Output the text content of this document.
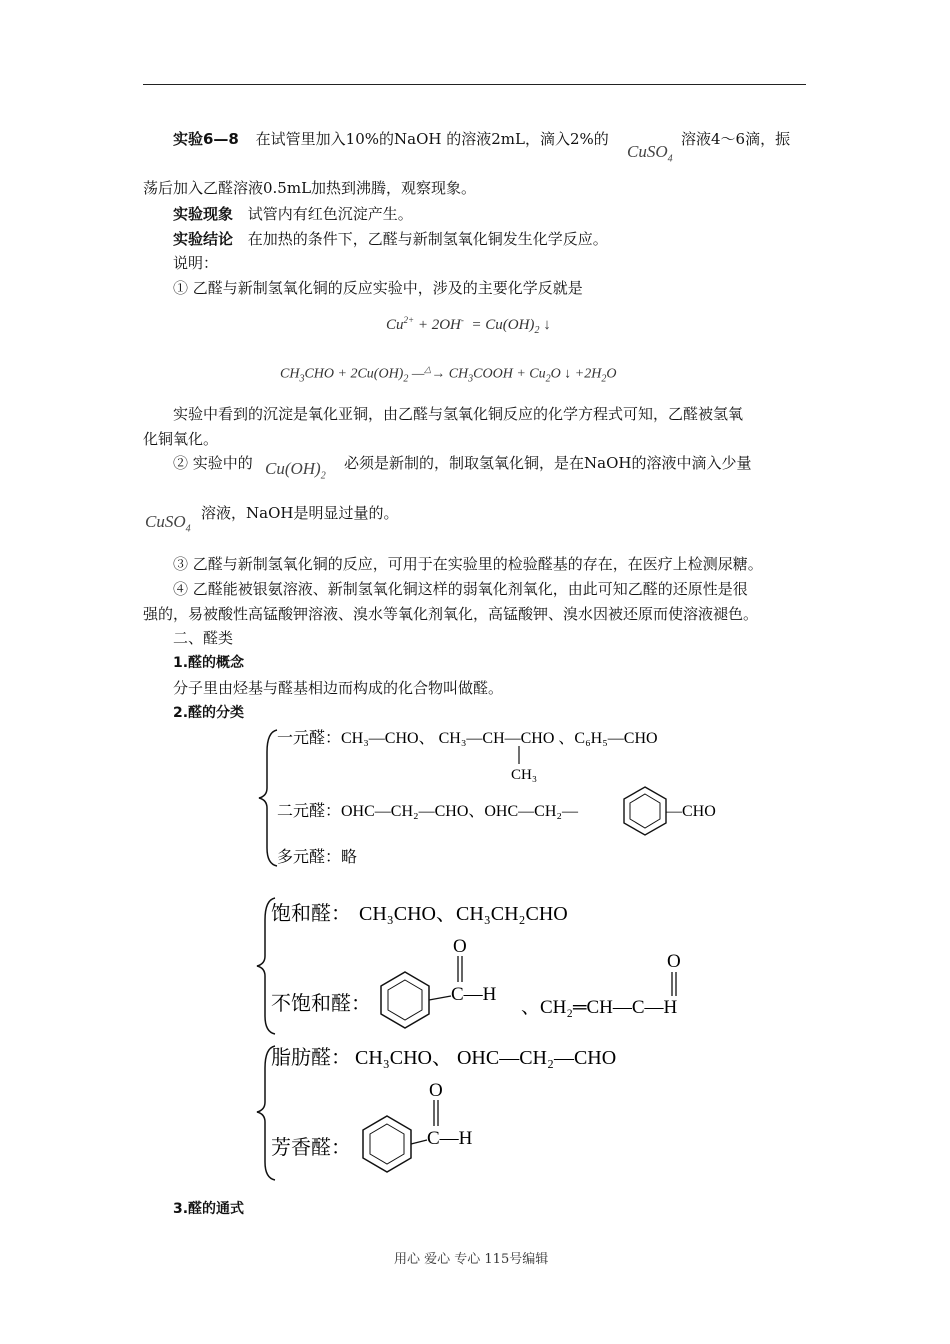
实验6—8 在试管里加入10%的NaOH 的溶液2mL，滴入2%的
CuSO$_4$
溶液4～6滴，振
荡后加入乙醛溶液0.5mL加热到沸腾，观察现象。
实验现象 试管内有红色沉淀产生。
实验结论 在加热的条件下，乙醛与新制氢氧化铜发生化学反应。
说明：
① 乙醛与新制氢氧化铜的反应实验中，涉及的主要化学反就是
$Cu^{2+} + 2OH^- = Cu(OH)_2$ ↓
$CH_3CHO + 2Cu(OH)_2$ —△→ $CH_3COOH + Cu_2O$ ↓ $+2H_2O$
实验中看到的沉淀是氧化亚铜，由乙醛与氢氧化铜反应的化学方程式可知，乙醛被氢氧
化铜氧化。
② 实验中的 $Cu(OH)_2$
必须是新制的，制取氢氧化铜，是在NaOH的溶液中滴入少量
CuSO$_4$
溶液，NaOH是明显过量的。
③ 乙醛与新制氢氧化铜的反应，可用于在实验里的检验醛基的存在，在医疗上检测尿糖。
④ 乙醛能被银氨溶液、新制氢氧化铜这样的弱氧化剂氧化，由此可知乙醛的还原性是很
强的，易被酸性高锰酸钾溶液、溴水等氧化剂氧化，高锰酸钾、溴水因被还原而使溶液褪色。
二、醛类
1.醛的概念
分子里由烃基与醛基相边而构成的化合物叫做醛。
2.醛的分类
一元醛：CH₃—CHO、 CH₃—CH—CHO 、C₆H₅—CHO
CH₃
二元醛：OHC—CH₂—CHO、OHC—CH₂—	—CHO
多元醛：略
饱和醛： CH₃CHO、CH₃CH₂CHO
不饱和醛：	C—H
O
、CH₂═CH—C—H
O
脂肪醛： CH₃CHO、 OHC—CH₂—CHO
芳香醛：	C—H
O
3.醛的通式
用心 爱心 专心 115号编辑
